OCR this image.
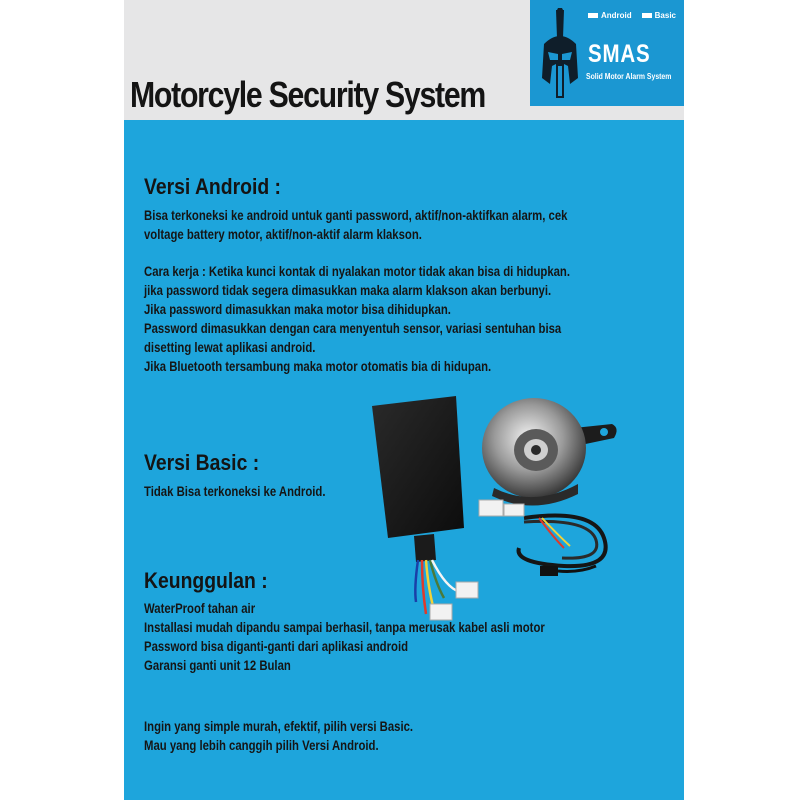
Motorcyle Security System
Android	Basic
SMAS
Solid Motor Alarm System
Versi Android :
Bisa terkoneksi ke android untuk ganti password, aktif/non-aktifkan alarm, cek
voltage battery motor, aktif/non-aktif alarm klakson.
Cara kerja : Ketika kunci kontak di nyalakan motor tidak akan bisa di hidupkan.
jika password tidak segera dimasukkan maka alarm klakson akan berbunyi.
Jika password dimasukkan maka motor bisa dihidupkan.
Password dimasukkan dengan cara menyentuh sensor, variasi sentuhan bisa
disetting lewat aplikasi android.
Jika Bluetooth tersambung maka motor otomatis bia di hidupan.
Versi Basic :
Tidak Bisa terkoneksi ke Android.
Keunggulan :
WaterProof tahan air
Installasi mudah dipandu sampai berhasil, tanpa merusak kabel asli motor
Password bisa diganti-ganti dari aplikasi android
Garansi ganti unit 12 Bulan
Ingin yang simple murah, efektif, pilih versi Basic.
Mau yang lebih canggih pilih Versi Android.
